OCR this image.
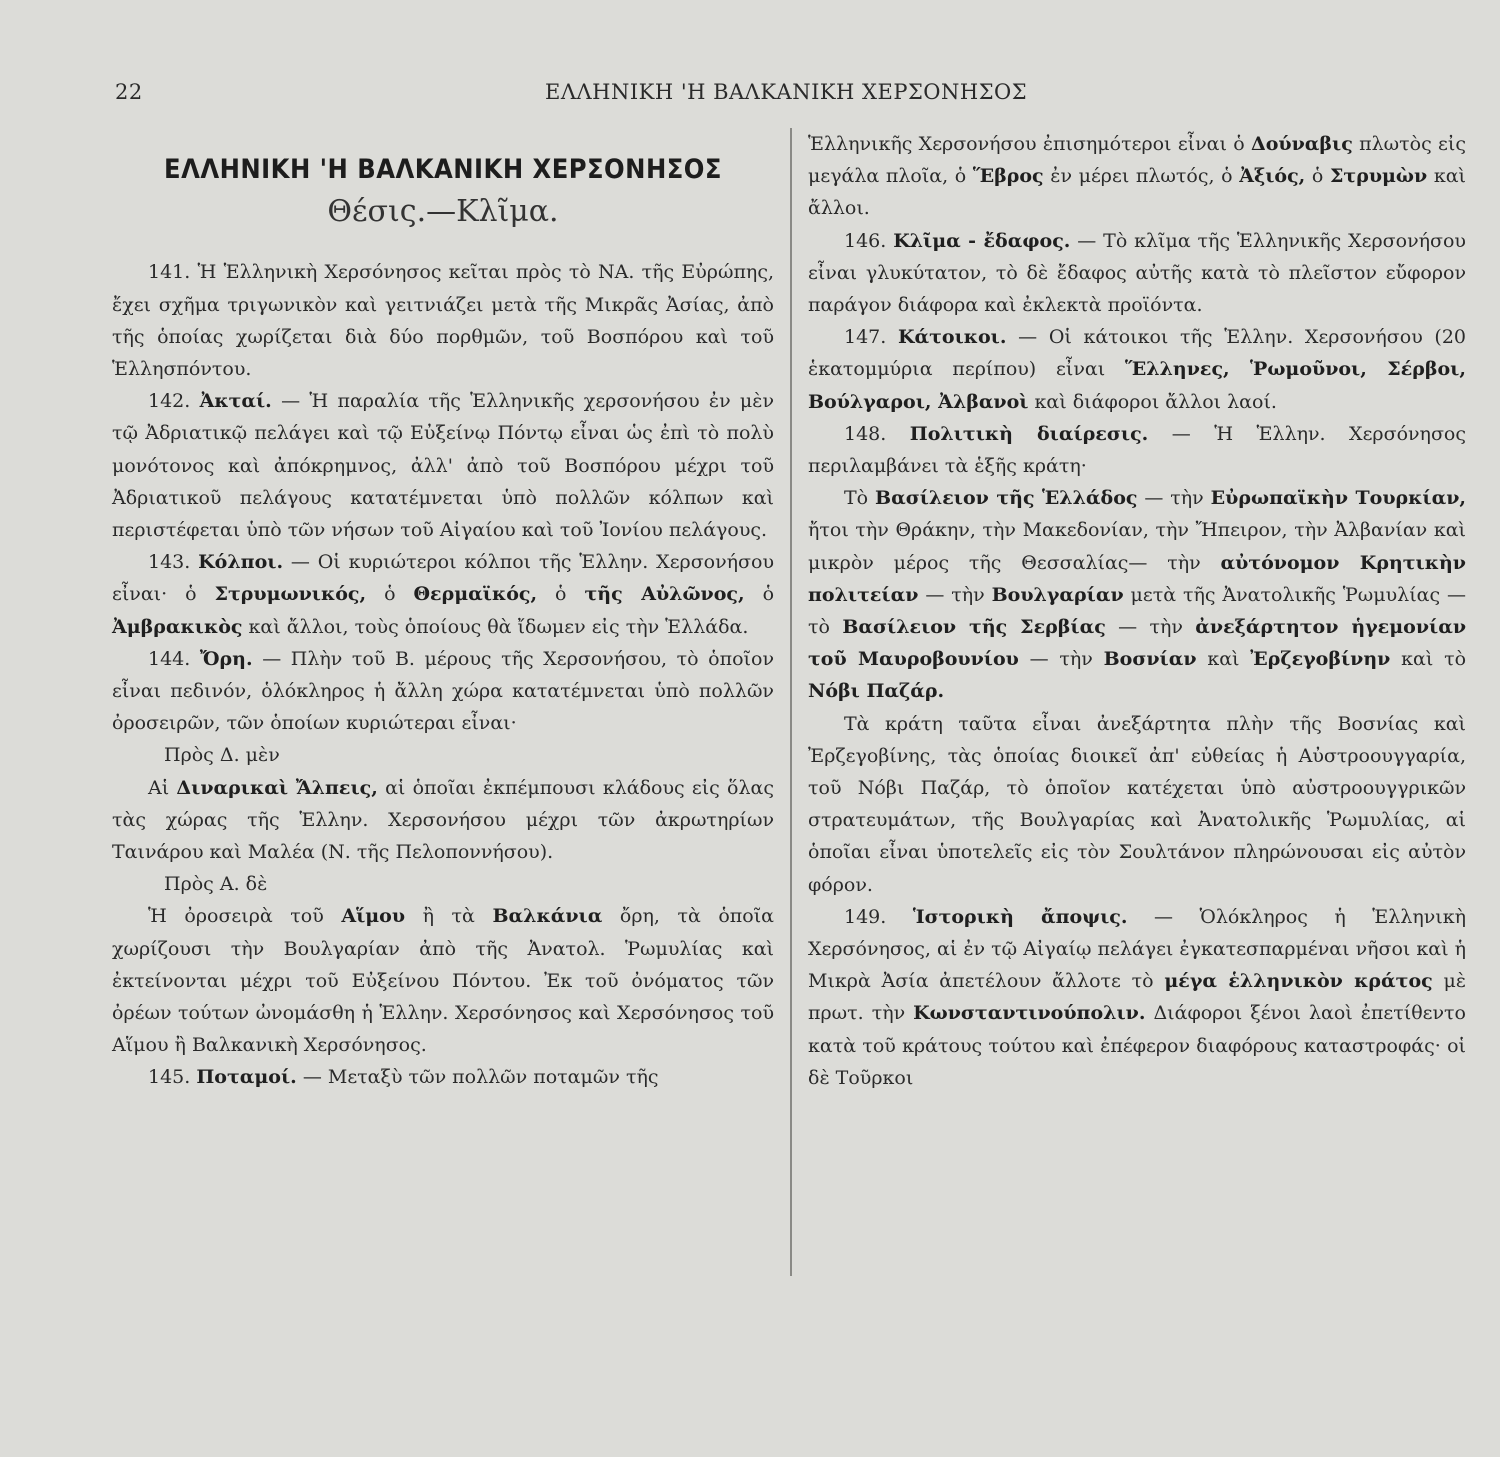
22	ΕΛΛΗΝΙΚΗ 'Η ΒΑΛΚΑΝΙΚΗ ΧΕΡΣΟΝΗΣΟΣ
ΕΛΛΗΝΙΚΗ 'Η ΒΑΛΚΑΝΙΚΗ ΧΕΡΣΟΝΗΣΟΣ
Θέσις.—Κλῖμα.

141. Ἡ Ἑλληνικὴ Χερσόνησος κεῖται πρὸς τὸ ΝΑ. τῆς Εὐρώπης, ἔχει σχῆμα τριγωνικὸν καὶ γειτνιάζει μετὰ τῆς Μικρᾶς Ἀσίας, ἀπὸ τῆς ὁποίας χωρίζεται διὰ δύο πορθμῶν, τοῦ Βοσπόρου καὶ τοῦ Ἑλλησπόντου.

142. Ἀκταί. — Ἡ παραλία τῆς Ἑλληνικῆς χερσονήσου ἐν μὲν τῷ Ἀδριατικῷ πελάγει καὶ τῷ Εὐξείνῳ Πόντῳ εἶναι ὡς ἐπὶ τὸ πολὺ μονότονος καὶ ἀπόκρημνος, ἀλλ' ἀπὸ τοῦ Βοσπόρου μέχρι τοῦ Ἀδριατικοῦ πελάγους κατατέμνεται ὑπὸ πολλῶν κόλπων καὶ περιστέφεται ὑπὸ τῶν νήσων τοῦ Αἰγαίου καὶ τοῦ Ἰονίου πελάγους.

143. Κόλποι. — Οἱ κυριώτεροι κόλποι τῆς Ἑλλην. Χερσονήσου εἶναι· ὁ Στρυμωνικός, ὁ Θερμαϊκός, ὁ τῆς Αὐλῶνος, ὁ Ἀμβρακικὸς καὶ ἄλλοι, τοὺς ὁποίους θὰ ἴδωμεν εἰς τὴν Ἑλλάδα.

144. Ὄρη. — Πλὴν τοῦ Β. μέρους τῆς Χερσονήσου, τὸ ὁποῖον εἶναι πεδινόν, ὁλόκληρος ἡ ἄλλη χώρα κατατέμνεται ὑπὸ πολλῶν ὀροσειρῶν, τῶν ὁποίων κυριώτεραι εἶναι·

Πρὸς Δ. μὲν

Αἱ Διναρικαὶ Ἄλπεις, αἱ ὁποῖαι ἐκπέμπουσι κλάδους εἰς ὅλας τὰς χώρας τῆς Ἑλλην. Χερσονήσου μέχρι τῶν ἀκρωτηρίων Ταινάρου καὶ Μαλέα (Ν. τῆς Πελοποννήσου).

Πρὸς Α. δὲ

Ἡ ὀροσειρὰ τοῦ Αἵμου ἢ τὰ Βαλκάνια ὄρη, τὰ ὁποῖα χωρίζουσι τὴν Βουλγαρίαν ἀπὸ τῆς Ἀνατολ. Ῥωμυλίας καὶ ἐκτείνονται μέχρι τοῦ Εὐξείνου Πόντου. Ἐκ τοῦ ὀνόματος τῶν ὀρέων τούτων ὠνομάσθη ἡ Ἑλλην. Χερσόνησος καὶ Χερσόνησος τοῦ Αἵμου ἢ Βαλκανικὴ Χερσόνησος.

145. Ποταμοί. — Μεταξὺ τῶν πολλῶν ποταμῶν τῆς

Ἑλληνικῆς Χερσονήσου ἐπισημότεροι εἶναι ὁ Δούναβις πλωτὸς εἰς μεγάλα πλοῖα, ὁ Ἕβρος ἐν μέρει πλωτός, ὁ Ἀξιός, ὁ Στρυμὼν καὶ ἄλλοι.

146. Κλῖμα - ἔδαφος. — Τὸ κλῖμα τῆς Ἑλληνικῆς Χερσονήσου εἶναι γλυκύτατον, τὸ δὲ ἔδαφος αὐτῆς κατὰ τὸ πλεῖστον εὔφορον παράγον διάφορα καὶ ἐκλεκτὰ προϊόντα.

147. Κάτοικοι. — Οἱ κάτοικοι τῆς Ἑλλην. Χερσονήσου (20 ἑκατομμύρια περίπου) εἶναι Ἕλληνες, Ῥωμοῦνοι, Σέρβοι, Βούλγαροι, Ἀλβανοὶ καὶ διάφοροι ἄλλοι λαοί.

148. Πολιτικὴ διαίρεσις. — Ἡ Ἑλλην. Χερσόνησος περιλαμβάνει τὰ ἑξῆς κράτη·

Τὸ Βασίλειον τῆς Ἑλλάδος — τὴν Εὐρωπαϊκὴν Τουρκίαν, ἤτοι τὴν Θράκην, τὴν Μακεδονίαν, τὴν Ἤπειρον, τὴν Ἀλβανίαν καὶ μικρὸν μέρος τῆς Θεσσαλίας— τὴν αὐτόνομον Κρητικὴν πολιτείαν — τὴν Βουλγαρίαν μετὰ τῆς Ἀνατολικῆς Ῥωμυλίας — τὸ Βασίλειον τῆς Σερβίας — τὴν ἀνεξάρτητον ἡγεμονίαν τοῦ Μαυροβουνίου — τὴν Βοσνίαν καὶ Ἐρζεγοβίνην καὶ τὸ Νόβι Παζάρ.

Τὰ κράτη ταῦτα εἶναι ἀνεξάρτητα πλὴν τῆς Βοσνίας καὶ Ἐρζεγοβίνης, τὰς ὁποίας διοικεῖ ἀπ' εὐθείας ἡ Αὐστροουγγαρία, τοῦ Νόβι Παζάρ, τὸ ὁποῖον κατέχεται ὑπὸ αὐστροουγγρικῶν στρατευμάτων, τῆς Βουλγαρίας καὶ Ἀνατολικῆς Ῥωμυλίας, αἱ ὁποῖαι εἶναι ὑποτελεῖς εἰς τὸν Σουλτάνον πληρώνουσαι εἰς αὐτὸν φόρον.

149. Ἱστορικὴ ἄποψις. — Ὁλόκληρος ἡ Ἑλληνικὴ Χερσόνησος, αἱ ἐν τῷ Αἰγαίῳ πελάγει ἐγκατεσπαρμέναι νῆσοι καὶ ἡ Μικρὰ Ἀσία ἀπετέλουν ἄλλοτε τὸ μέγα ἑλληνικὸν κράτος μὲ πρωτ. τὴν Κωνσταντινούπολιν. Διάφοροι ξένοι λαοὶ ἐπετίθεντο κατὰ τοῦ κράτους τούτου καὶ ἐπέφερον διαφόρους καταστροφάς· οἱ δὲ Τοῦρκοι
